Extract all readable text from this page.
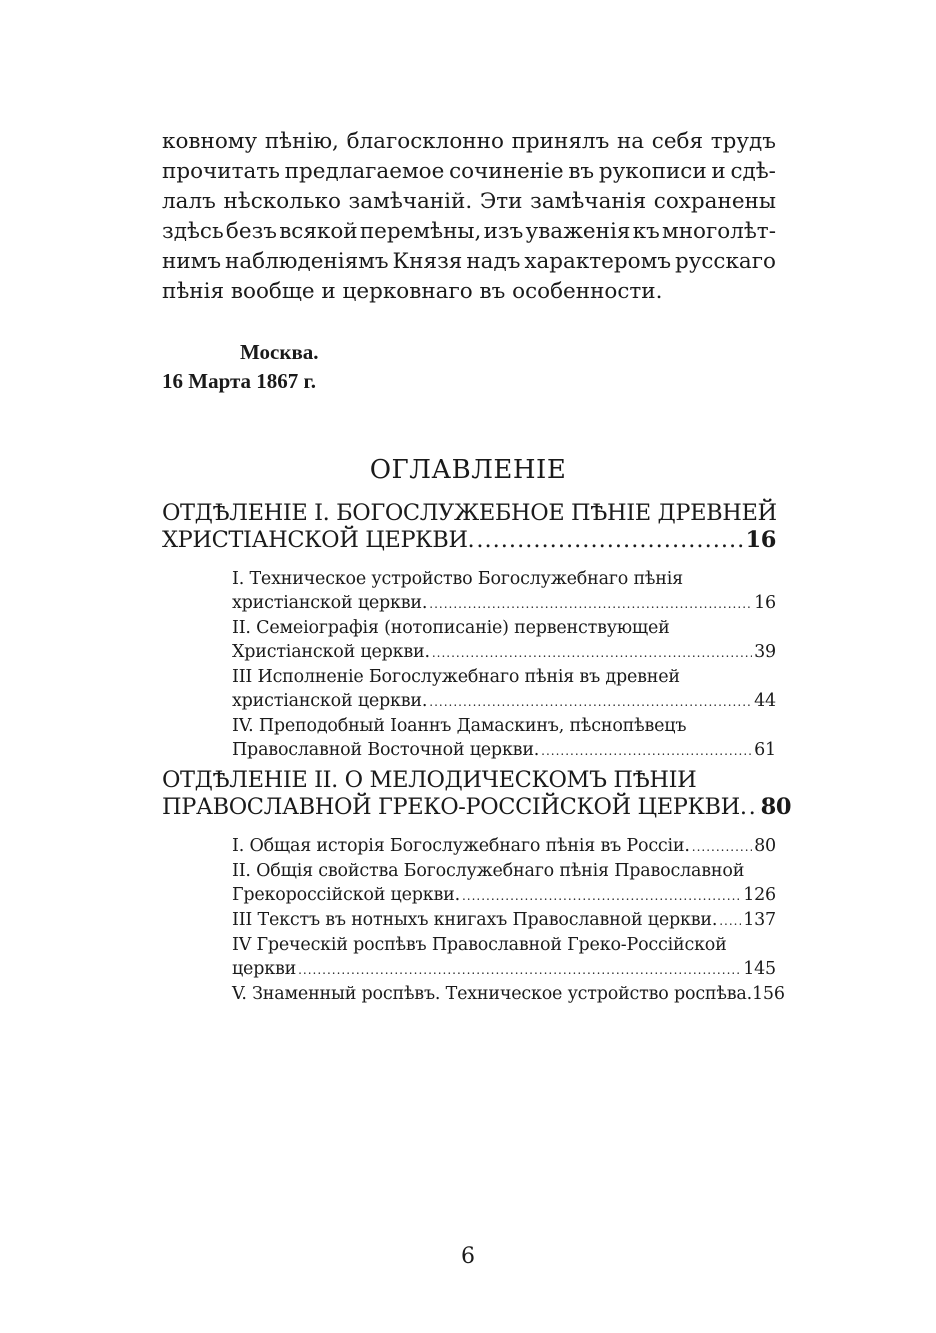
ковному пѣнію, благосклонно принялъ на себя трудъ
прочитать предлагаемое сочиненіе въ рукописи и сдѣ-
лалъ нѣсколько замѣчаній. Эти замѣчанія сохранены
здѣсь безъ всякой перемѣны, изъ уваженія къ многолѣт-
нимъ наблюденіямъ Князя надъ характеромъ русскаго
пѣнія вообще и церковнаго въ особенности.
Москва.
16 Марта 1867 г.
ОГЛАВЛЕНІЕ
ОТДѢЛЕНІЕ I. БОГОСЛУЖЕБНОЕ ПѢНІЕ ДРЕВНЕЙ
ХРИСТІАНСКОЙ ЦЕРКВИ. .....	16
I. Техническое устройство Богослужебнаго пѣнія
христіанской церкви. .....	16
II. Семеіографія (нотописаніе) первенствующей
Христіанской церкви. .....	39
III Исполненіе Богослужебнаго пѣнія въ древней
христіанской церкви. .....	44
IV. Преподобный Іоаннъ Дамаскинъ, пѣснопѣвецъ
Православной Восточной церкви. .....	61
ОТДѢЛЕНІЕ II. О МЕЛОДИЧЕСКОМЪ ПѢНІИ
ПРАВОСЛАВНОЙ ГРЕКО-РОССІЙСКОЙ ЦЕРКВИ. ..... 80
I. Общая исторія Богослужебнаго пѣнія въ Россіи. .....	80
II. Общія свойства Богослужебнаго пѣнія Православной
Грекороссійской церкви. .....	126
III Текстъ въ нотныхъ книгахъ Православной церкви. ..... 137
IV Греческій роспѣвъ Православной Греко-Россійской
церкви .....	145
V. Знаменный роспѣвъ. Техническое устройство роспѣва. 156
6
